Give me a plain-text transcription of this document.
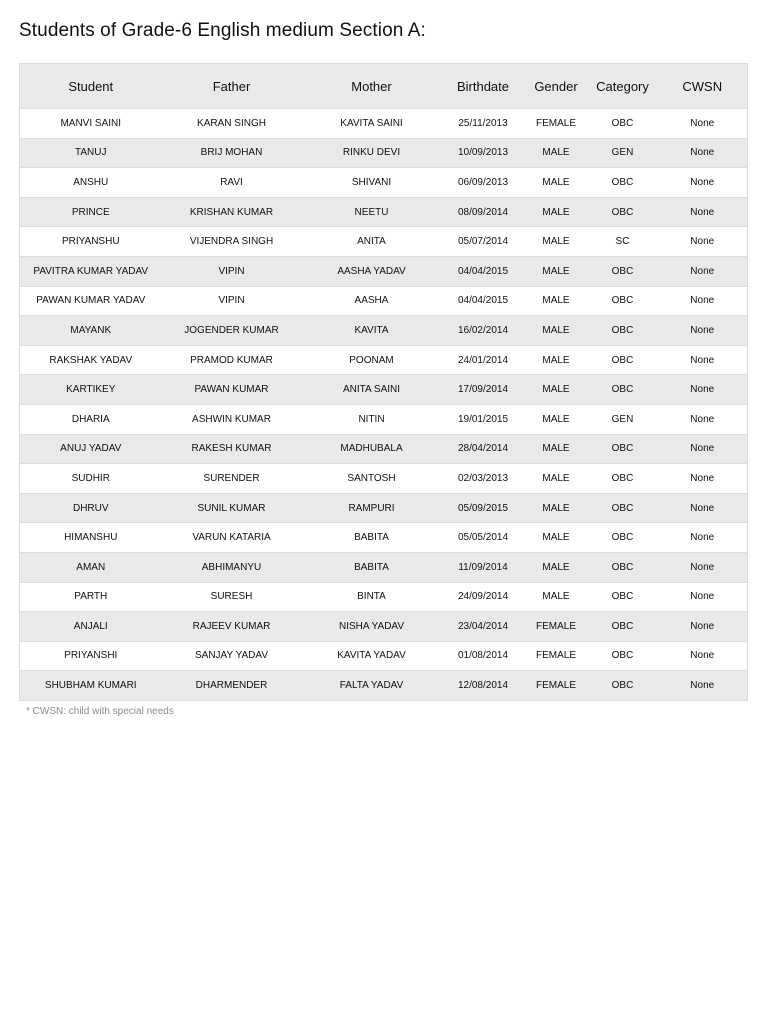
Students of Grade-6 English medium Section A:
Student	Father	Mother	Birthdate	Gender	Category	CWSN
MANVI SAINI	KARAN SINGH	KAVITA SAINI	25/11/2013	FEMALE	OBC	None
TANUJ	BRIJ MOHAN	RINKU DEVI	10/09/2013	MALE	GEN	None
ANSHU	RAVI	SHIVANI	06/09/2013	MALE	OBC	None
PRINCE	KRISHAN KUMAR	NEETU	08/09/2014	MALE	OBC	None
PRIYANSHU	VIJENDRA SINGH	ANITA	05/07/2014	MALE	SC	None
PAVITRA KUMAR YADAV	VIPIN	AASHA YADAV	04/04/2015	MALE	OBC	None
PAWAN KUMAR YADAV	VIPIN	AASHA	04/04/2015	MALE	OBC	None
MAYANK	JOGENDER KUMAR	KAVITA	16/02/2014	MALE	OBC	None
RAKSHAK YADAV	PRAMOD KUMAR	POONAM	24/01/2014	MALE	OBC	None
KARTIKEY	PAWAN KUMAR	ANITA SAINI	17/09/2014	MALE	OBC	None
DHARIA	ASHWIN KUMAR	NITIN	19/01/2015	MALE	GEN	None
ANUJ YADAV	RAKESH KUMAR	MADHUBALA	28/04/2014	MALE	OBC	None
SUDHIR	SURENDER	SANTOSH	02/03/2013	MALE	OBC	None
DHRUV	SUNIL KUMAR	RAMPURI	05/09/2015	MALE	OBC	None
HIMANSHU	VARUN KATARIA	BABITA	05/05/2014	MALE	OBC	None
AMAN	ABHIMANYU	BABITA	11/09/2014	MALE	OBC	None
PARTH	SURESH	BINTA	24/09/2014	MALE	OBC	None
ANJALI	RAJEEV KUMAR	NISHA YADAV	23/04/2014	FEMALE	OBC	None
PRIYANSHI	SANJAY YADAV	KAVITA YADAV	01/08/2014	FEMALE	OBC	None
SHUBHAM KUMARI	DHARMENDER	FALTA YADAV	12/08/2014	FEMALE	OBC	None
* CWSN: child with special needs
